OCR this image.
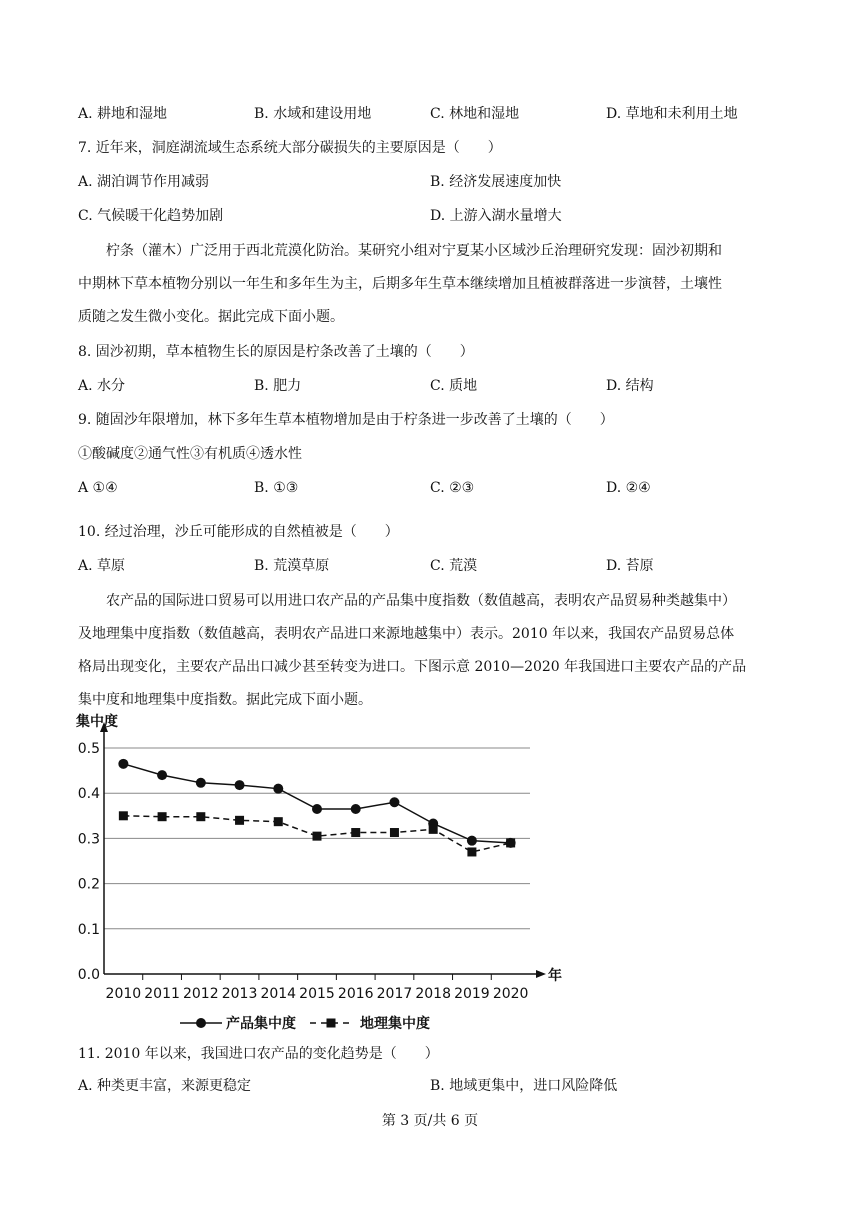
A. 耕地和湿地	B. 水域和建设用地	C. 林地和湿地	D. 草地和未利用土地
7. 近年来，洞庭湖流域生态系统大部分碳损失的主要原因是（　　）
A. 湖泊调节作用减弱	B. 经济发展速度加快
C. 气候暖干化趋势加剧	D. 上游入湖水量增大

柠条（灌木）广泛用于西北荒漠化防治。某研究小组对宁夏某小区域沙丘治理研究发现：固沙初期和

中期林下草本植物分别以一年生和多年生为主，后期多年生草本继续增加且植被群落进一步演替，土壤性

质随之发生微小变化。据此完成下面小题。

8. 固沙初期，草本植物生长的原因是柠条改善了土壤的（　　）
A. 水分	B. 肥力	C. 质地	D. 结构
9. 随固沙年限增加，林下多年生草本植物增加是由于柠条进一步改善了土壤的（　　）
①酸碱度②通气性③有机质④透水性
A ①④	B. ①③	C. ②③	D. ②④
10. 经过治理，沙丘可能形成的自然植被是（　　）
A. 草原	B. 荒漠草原	C. 荒漠	D. 苔原

农产品的国际进口贸易可以用进口农产品的产品集中度指数（数值越高，表明农产品贸易种类越集中）

及地理集中度指数（数值越高，表明农产品进口来源地越集中）表示。2010 年以来，我国农产品贸易总体

格局出现变化，主要农产品出口减少甚至转变为进口。下图示意 2010—2020 年我国进口主要农产品的产品

集中度和地理集中度指数。据此完成下面小题。

0.0
0.1
0.2
0.3
0.4
0.5
2010 2011 2012 2013 2014 2015 2016 2017 2018 2019 2020
集中度
年
产品集中度	地理集中度
11. 2010 年以来，我国进口农产品的变化趋势是（　　）
A. 种类更丰富，来源更稳定	B. 地域更集中，进口风险降低
第 3 页/共 6 页
